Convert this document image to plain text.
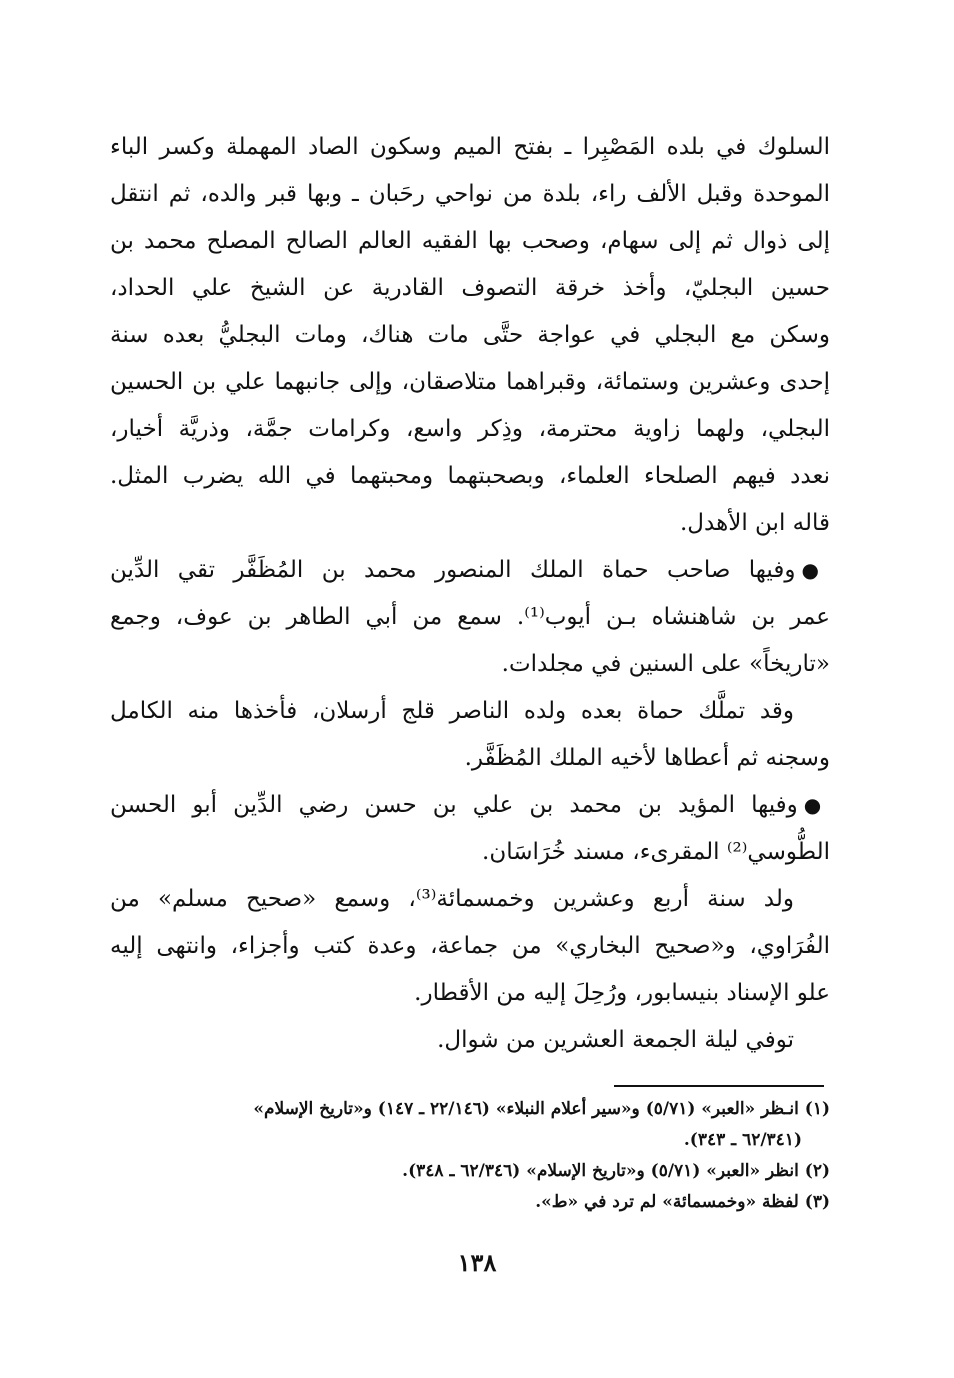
السلوك في بلده المَصْبِرا ـ بفتح الميم وسكون الصاد المهملة وكسر الباء
الموحدة وقبل الألف راء، بلدة من نواحي رحَبان ـ وبها قبر والده، ثم انتقل
إلى ذوال ثم إلى سهام، وصحب بها الفقيه العالم الصالح المصلح محمد بن
حسين البجليّ، وأخذ خرقة التصوف القادرية عن الشيخ علي الحداد،
وسكن مع البجلي في عواجة حتَّى مات هناك، ومات البجليُّ بعده سنة
إحدى وعشرين وستمائة، وقبراهما متلاصقان، وإلى جانبهما علي بن الحسين
البجلي، ولهما زاوية محترمة، وذِكر واسع، وكرامات جمَّة، وذريَّة أخيار،
نعدد فيهم الصلحاء العلماء، وبصحبتهما ومحبتهما في الله يضرب المثل.
قاله ابن الأهدل.
●وفيها صاحب حماة الملك المنصور محمد بن المُظَفَّر تقي الدِّين
عمر بن شاهنشاه بـن أيوب⁽¹⁾. سمع من أبي الطاهر بن عوف، وجمع
«تاريخاً» على السنين في مجلدات.
وقد تملَّك حماة بعده ولده الناصر قلج أرسلان، فأخذها منه الكامل
وسجنه ثم أعطاها لأخيه الملك المُظَفَّر.
●وفيها المؤيد بن محمد بن علي بن حسن رضي الدِّين أبو الحسن
الطُّوسي⁽²⁾ المقرىء، مسند خُرَاسَان.
ولد سنة أربع وعشرين وخمسمائة⁽³⁾، وسمع «صحيح مسلم» من
الفُرَاوي، و«صحيح البخاري» من جماعة، وعدة كتب وأجزاء، وانتهى إليه
علو الإسناد بنيسابور، ورُحِلَ إليه من الأقطار.
توفي ليلة الجمعة العشرين من شوال.
(١) انـظر «العبر» (٥/٧١) و«سير أعلام النبلاء» (٢٢/١٤٦ ـ ١٤٧) و«تاريخ الإسلام»
(٦٢/٣٤١ ـ ٣٤٣).
(٢) انظر «العبر» (٥/٧١) و«تاريخ الإسلام» (٦٢/٣٤٦ ـ ٣٤٨).
(٣) لفظة «وخمسمائة» لم ترد في «ط».
١٣٨
